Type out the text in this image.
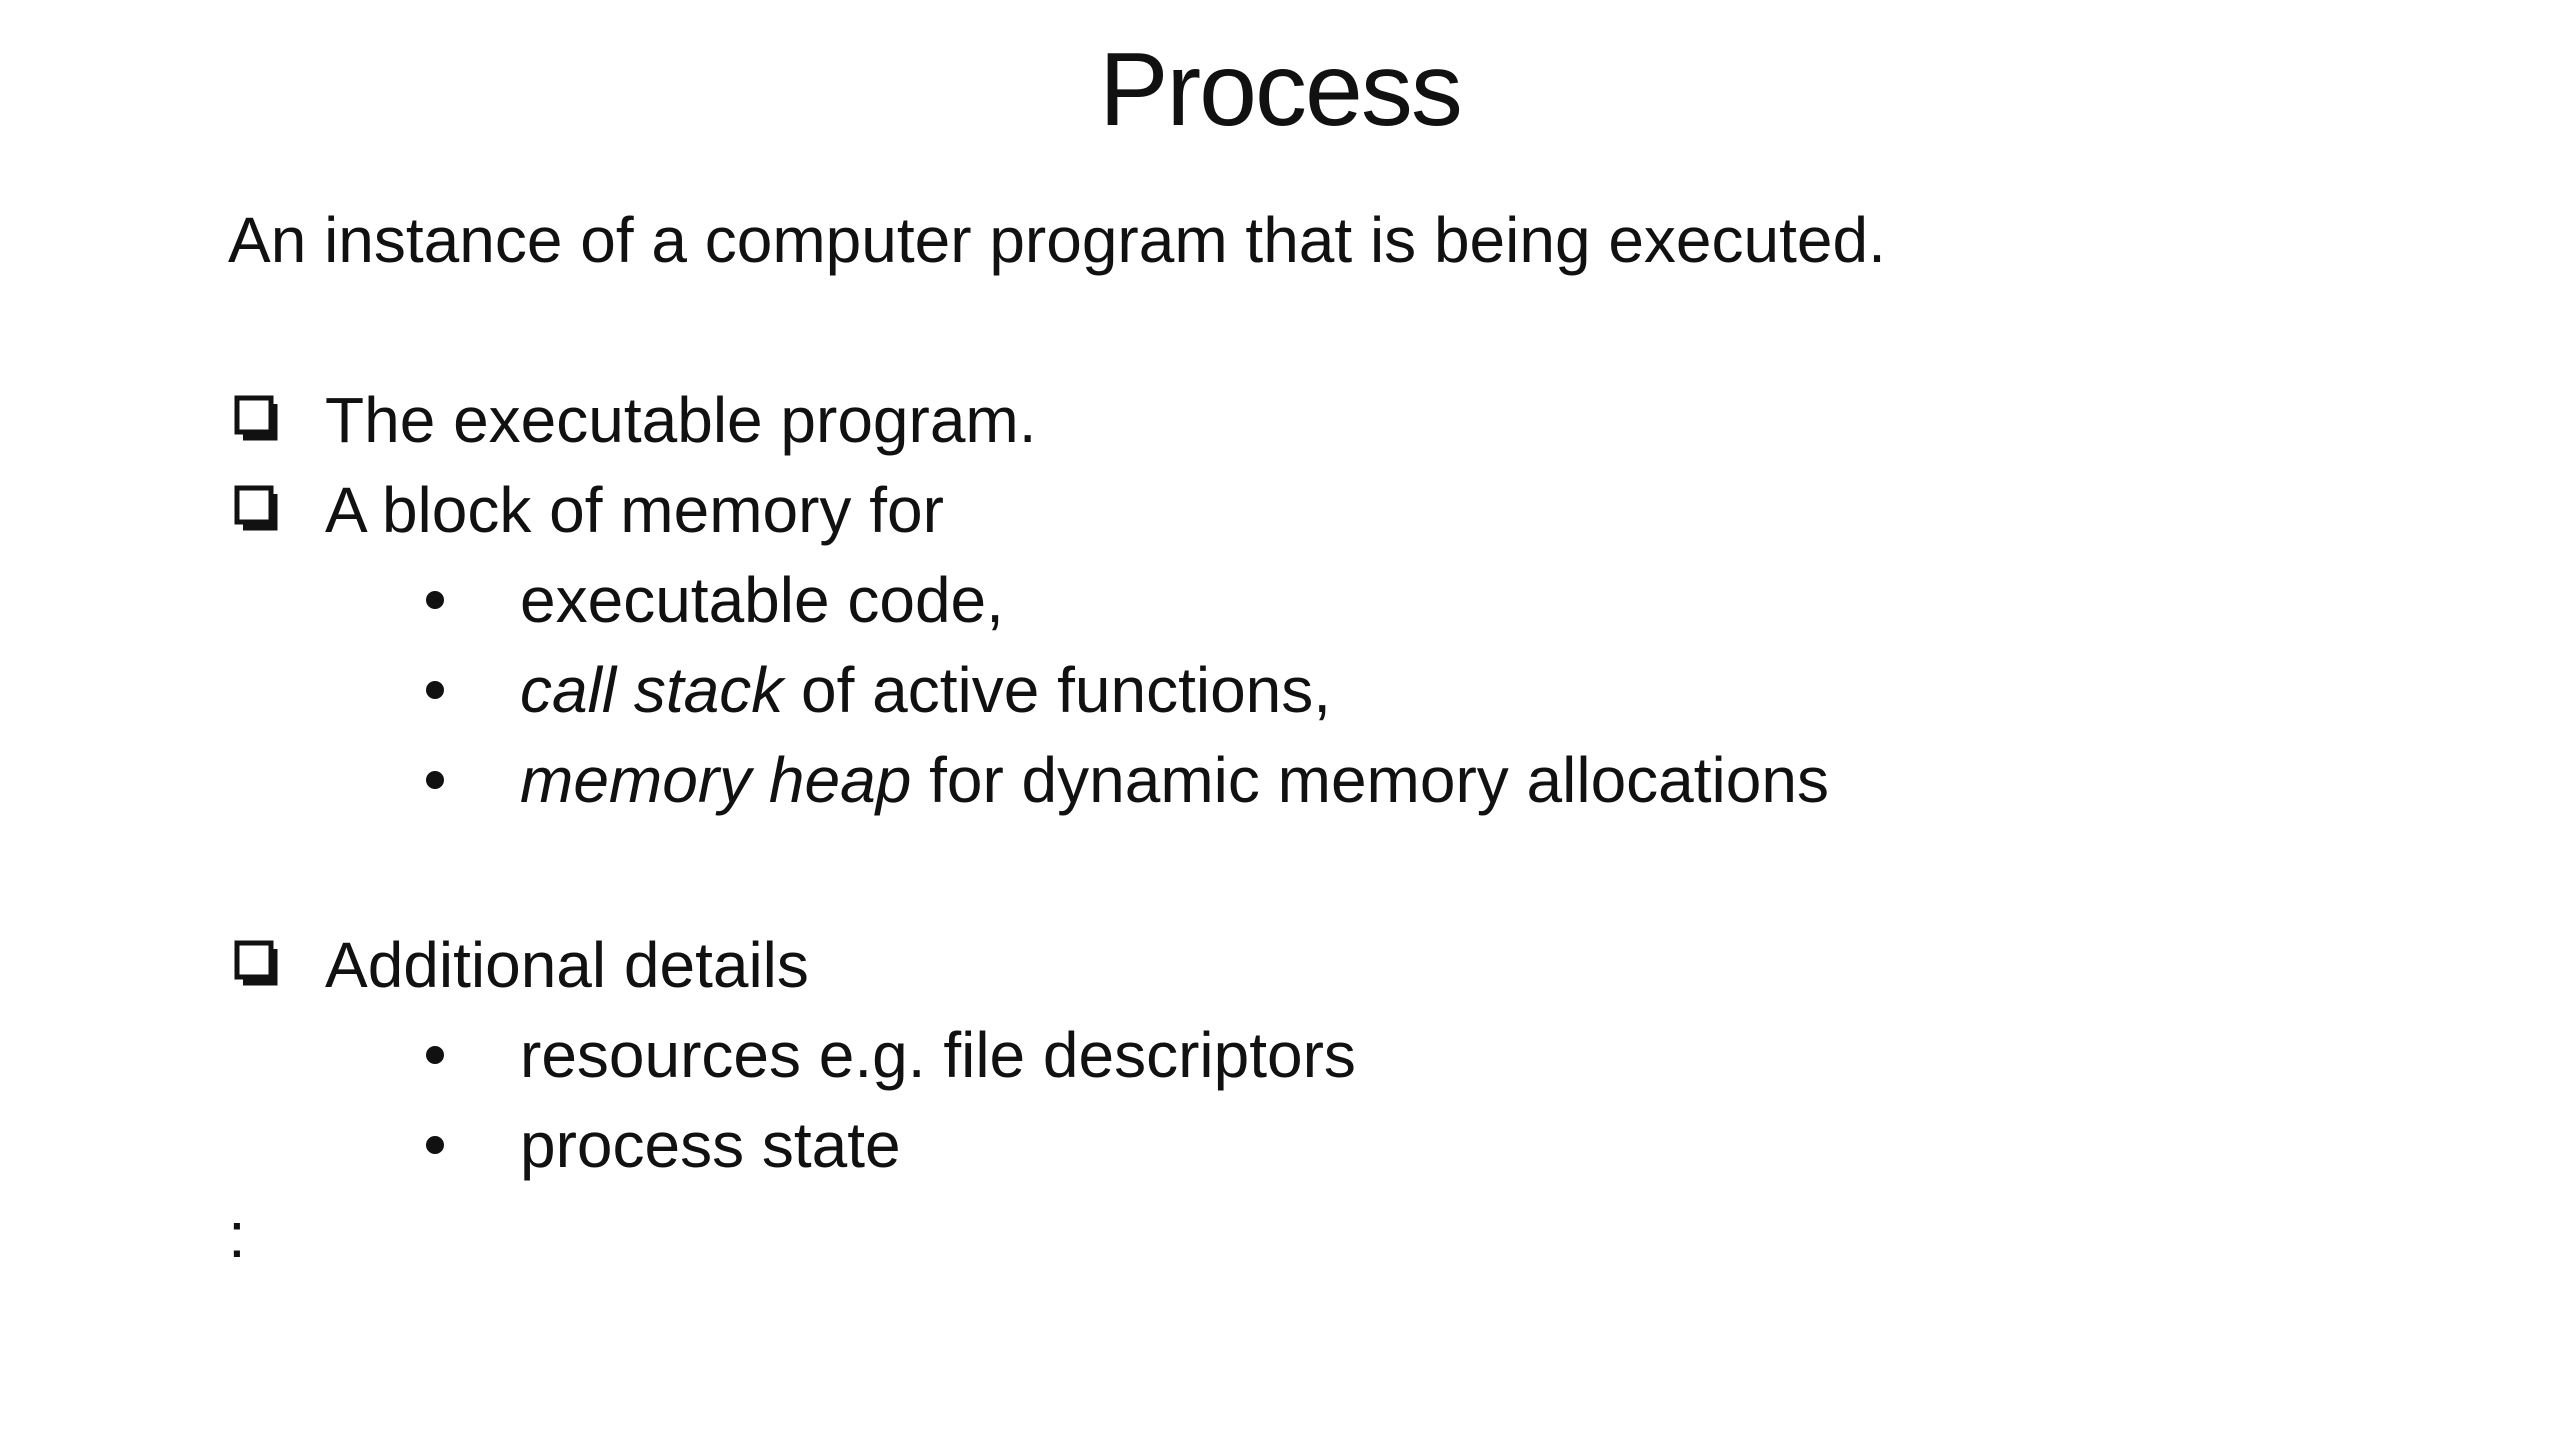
Process
An instance of a computer program that is being executed.
The executable program.
A block of memory for
executable code,
call stack of active functions,
memory heap for dynamic memory allocations
Additional details
resources e.g. file descriptors
process state
:
